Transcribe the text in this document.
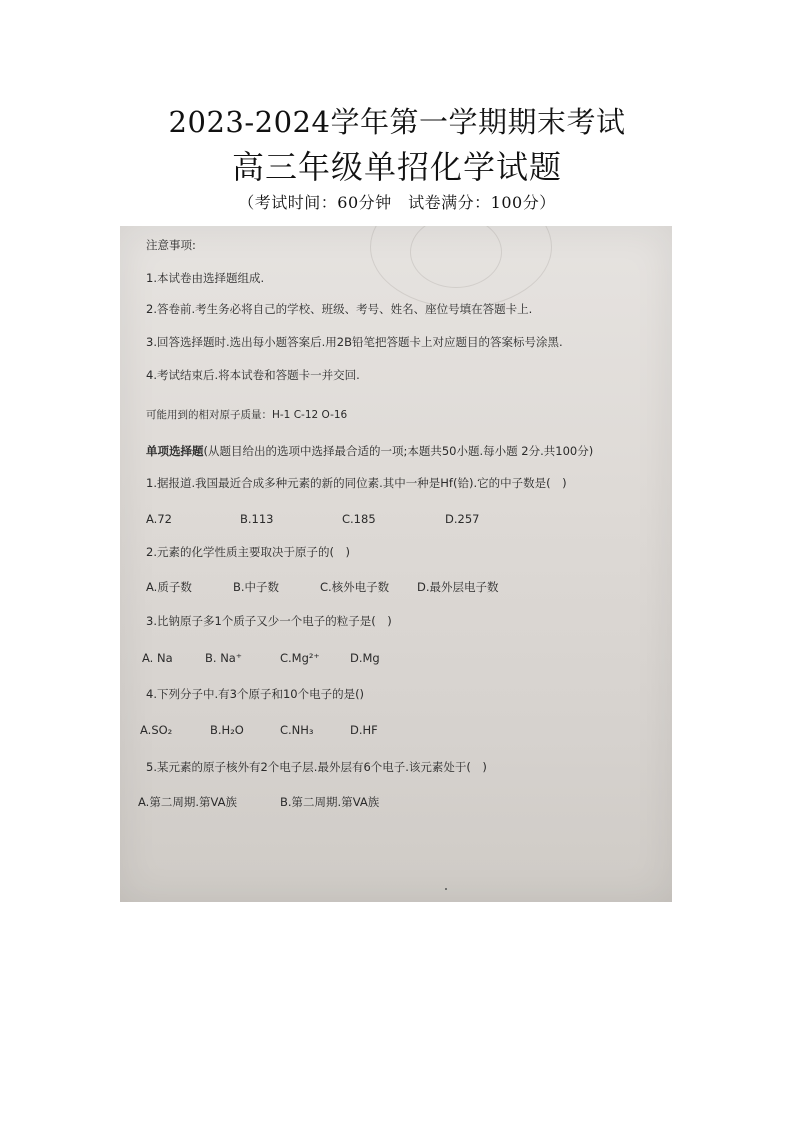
2023-2024学年第一学期期末考试
高三年级单招化学试题
（考试时间：60分钟　试卷满分：100分）
注意事项:
1.本试卷由选择题组成.
2.答卷前.考生务必将自己的学校、班级、考号、姓名、座位号填在答题卡上.
3.回答选择题时.选出每小题答案后.用2B铅笔把答题卡上对应题目的答案标号涂黑.
4.考试结束后.将本试卷和答题卡一并交回.
可能用到的相对原子质量：H-1 C-12 O-16
单项选择题(从题目给出的选项中选择最合适的一项;本题共50小题.每小题 2分.共100分)
1.据报道.我国最近合成多种元素的新的同位素.其中一种是Hf(铪).它的中子数是(　)
A.72	B.113	C.185	D.257
2.元素的化学性质主要取决于原子的(　)
A.质子数	B.中子数	C.核外电子数 D.最外层电子数
3.比钠原子多1个质子又少一个电子的粒子是(　)
A. Na	B. Na⁺	C.Mg²⁺	D.Mg
4.下列分子中.有3个原子和10个电子的是()
A.SO₂	B.H₂O	C.NH₃	D.HF
5.某元素的原子核外有2个电子层.最外层有6个电子.该元素处于(　)
A.第二周期.第VA族	B.第二周期.第VA族
